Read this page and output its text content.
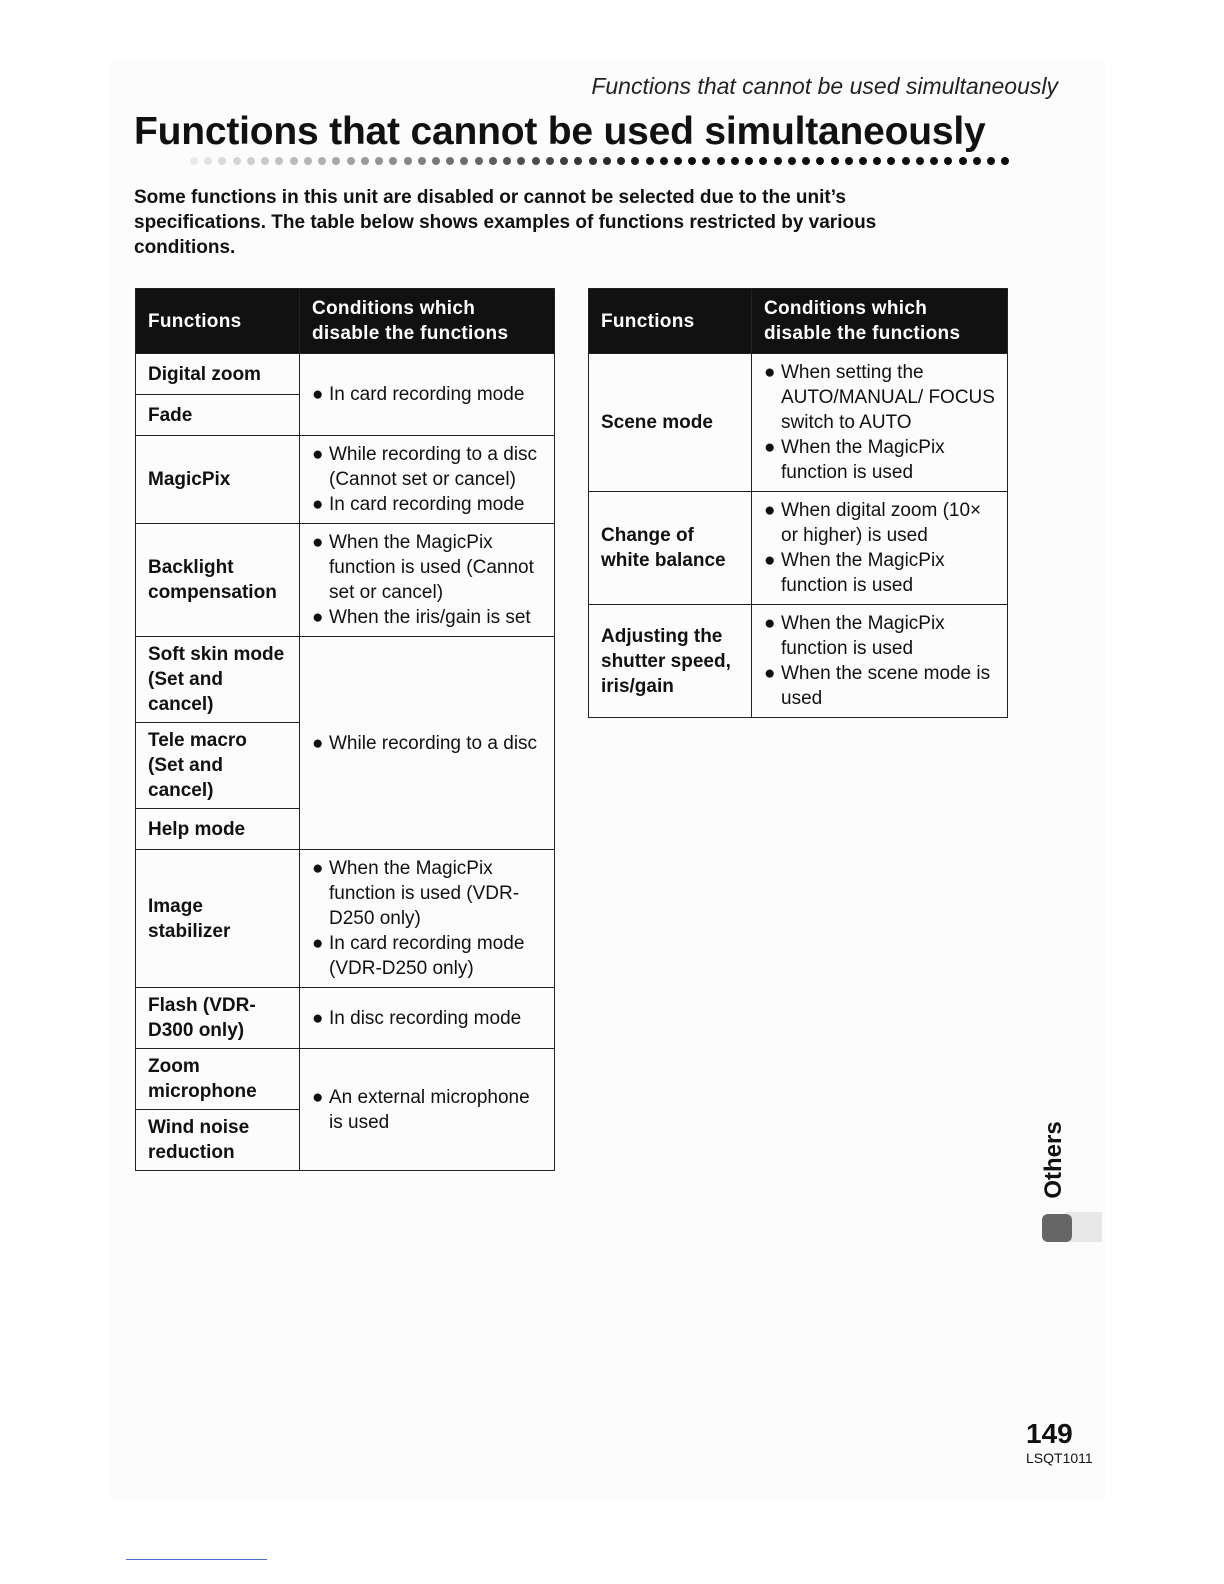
Functions that cannot be used simultaneously
Functions that cannot be used simultaneously

Some functions in this unit are disabled or cannot be selected due to the unit’s specifications. The table below shows examples of functions restricted by various conditions.

Functions	Conditions which disable the functions
Digital zoom	● In card recording mode

Fade	
MagicPix	● While recording to a disc (Cannot set or cancel)
● In card recording mode

Backlight compensation	● When the MagicPix function is used (Cannot set or cancel)
● When the iris/gain is set

Soft skin mode (Set and cancel)	● While recording to a disc

Tele macro (Set and cancel)	
Help mode	
Image stabilizer	● When the MagicPix function is used (VDR-D250 only)
● In card recording mode (VDR-D250 only)

Flash (VDR-D300 only)	● In disc recording mode

Zoom microphone	● An external microphone is used

Wind noise reduction	
Functions	Conditions which disable the functions
Scene mode	● When setting the AUTO/MANUAL/ FOCUS switch to AUTO
● When the MagicPix function is used

Change of white balance	● When digital zoom (10× or higher) is used
● When the MagicPix function is used

Adjusting the shutter speed, iris/gain	● When the MagicPix function is used
● When the scene mode is used
Others
149
LSQT1011
